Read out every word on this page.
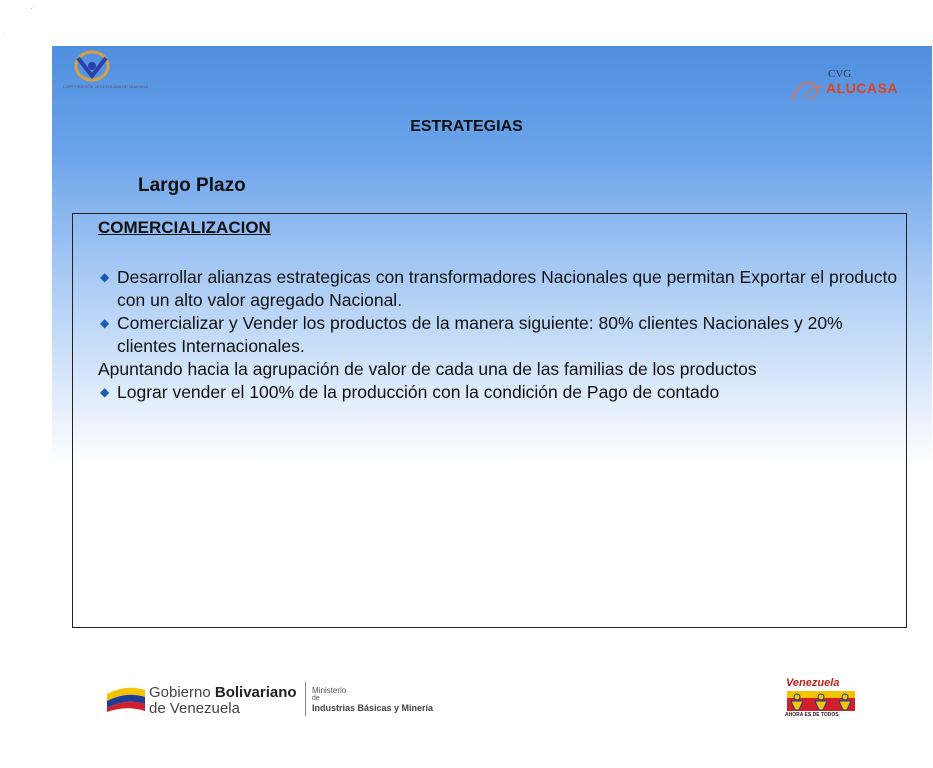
·˙
·
CORPORACIÓN VENEZOLANA DE GUAYANA
CVG
ALUCASA
ESTRATEGIAS
Largo Plazo
COMERCIALIZACION
◆ Desarrollar alianzas estrategicas con transformadores Nacionales que permitan Exportar el producto con un alto valor agregado Nacional.
◆ Comercializar y Vender los productos de la manera siguiente: 80% clientes Nacionales y 20% clientes Internacionales.
Apuntando hacia la agrupación de valor de cada una de las familias de los productos
◆ Lograr vender el 100% de la producción con la condición de Pago de contado
Gobierno Bolivariano
de Venezuela
Ministerio
de
Industrias Básicas y Minería
Venezuela
AHORA ES DE TODOS
